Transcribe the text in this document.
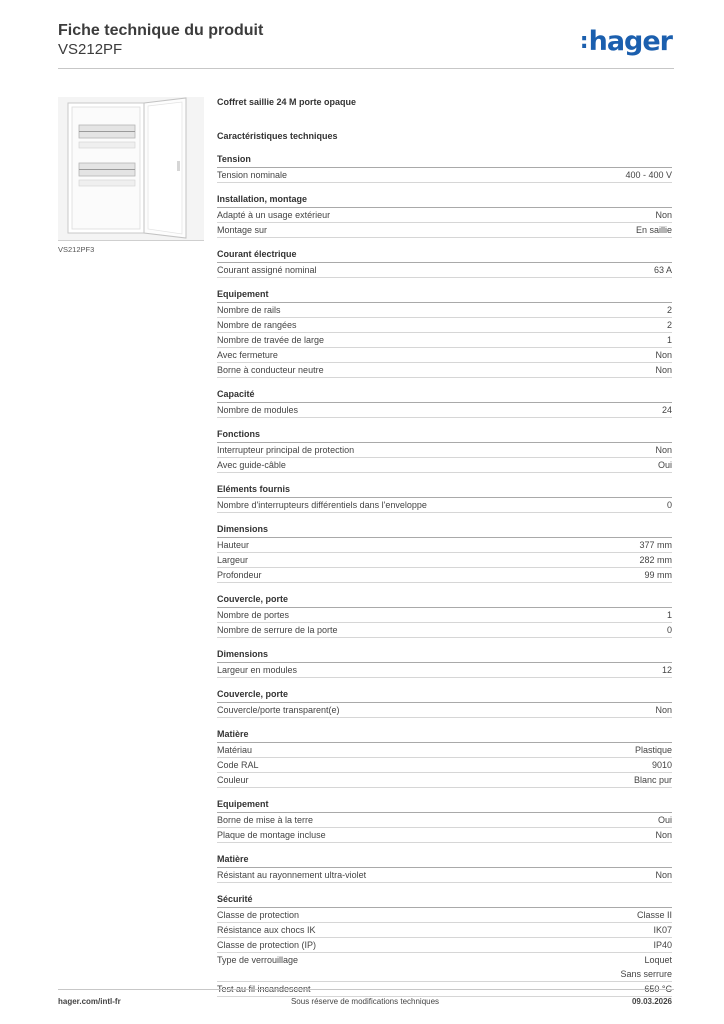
Fiche technique du produit
VS212PF	:hager
VS212PF3
Coffret saillie 24 M porte opaque
Caractéristiques techniques
Tension
Tension nominale	400 - 400 V
Installation, montage
Adapté à un usage extérieur	Non
Montage sur	En saillie
Courant électrique
Courant assigné nominal	63 A
Equipement
Nombre de rails	2
Nombre de rangées	2
Nombre de travée de large	1
Avec fermeture	Non
Borne à conducteur neutre	Non
Capacité
Nombre de modules	24
Fonctions
Interrupteur principal de protection	Non
Avec guide-câble	Oui
Eléments fournis
Nombre d'interrupteurs différentiels dans l'enveloppe	0
Dimensions
Hauteur	377 mm
Largeur	282 mm
Profondeur	99 mm
Couvercle, porte
Nombre de portes	1
Nombre de serrure de la porte	0
Dimensions
Largeur en modules	12
Couvercle, porte
Couvercle/porte transparent(e)	Non
Matière
Matériau	Plastique
Code RAL	9010
Couleur	Blanc pur
Equipement
Borne de mise à la terre	Oui
Plaque de montage incluse	Non
Matière
Résistant au rayonnement ultra-violet	Non
Sécurité
Classe de protection	Classe II
Résistance aux chocs IK	IK07
Classe de protection (IP)	IP40
Type de verrouillage	Loquet
Sans serrure
Test au fil incandescent	650 °C
hager.com/intl-fr	Sous réserve de modifications techniques	09.03.2026
